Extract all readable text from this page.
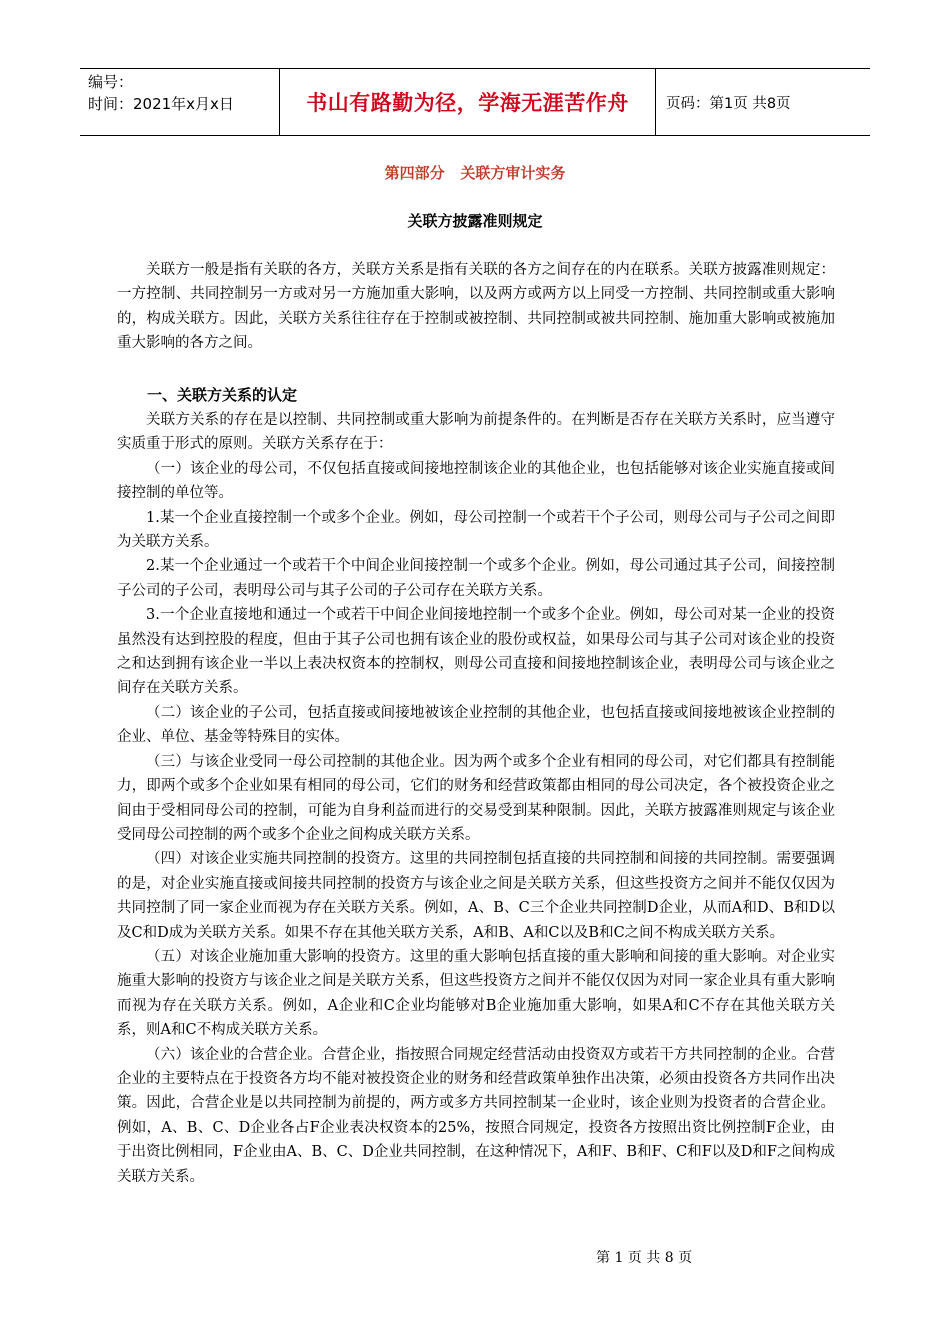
编号：
时间：2021年x月x日	书山有路勤为径，学海无涯苦作舟	页码：第1页 共8页
第四部分   关联方审计实务
关联方披露准则规定

关联方一般是指有关联的各方，关联方关系是指有关联的各方之间存在的内在联系。关联方披露准则规定：一方控制、共同控制另一方或对另一方施加重大影响，以及两方或两方以上同受一方控制、共同控制或重大影响的，构成关联方。因此，关联方关系往往存在于控制或被控制、共同控制或被共同控制、施加重大影响或被施加重大影响的各方之间。

一、关联方关系的认定

关联方关系的存在是以控制、共同控制或重大影响为前提条件的。在判断是否存在关联方关系时，应当遵守实质重于形式的原则。关联方关系存在于：

（一）该企业的母公司，不仅包括直接或间接地控制该企业的其他企业，也包括能够对该企业实施直接或间接控制的单位等。

1.某一个企业直接控制一个或多个企业。例如，母公司控制一个或若干个子公司，则母公司与子公司之间即为关联方关系。

2.某一个企业通过一个或若干个中间企业间接控制一个或多个企业。例如，母公司通过其子公司，间接控制子公司的子公司，表明母公司与其子公司的子公司存在关联方关系。

3.一个企业直接地和通过一个或若干中间企业间接地控制一个或多个企业。例如，母公司对某一企业的投资虽然没有达到控股的程度，但由于其子公司也拥有该企业的股份或权益，如果母公司与其子公司对该企业的投资之和达到拥有该企业一半以上表决权资本的控制权，则母公司直接和间接地控制该企业，表明母公司与该企业之间存在关联方关系。

（二）该企业的子公司，包括直接或间接地被该企业控制的其他企业，也包括直接或间接地被该企业控制的企业、单位、基金等特殊目的实体。

（三）与该企业受同一母公司控制的其他企业。因为两个或多个企业有相同的母公司，对它们都具有控制能力，即两个或多个企业如果有相同的母公司，它们的财务和经营政策都由相同的母公司决定，各个被投资企业之间由于受相同母公司的控制，可能为自身利益而进行的交易受到某种限制。因此，关联方披露准则规定与该企业受同母公司控制的两个或多个企业之间构成关联方关系。

（四）对该企业实施共同控制的投资方。这里的共同控制包括直接的共同控制和间接的共同控制。需要强调的是，对企业实施直接或间接共同控制的投资方与该企业之间是关联方关系，但这些投资方之间并不能仅仅因为共同控制了同一家企业而视为存在关联方关系。例如，A、B、C三个企业共同控制D企业，从而A和D、B和D以及C和D成为关联方关系。如果不存在其他关联方关系，A和B、A和C以及B和C之间不构成关联方关系。

（五）对该企业施加重大影响的投资方。这里的重大影响包括直接的重大影响和间接的重大影响。对企业实施重大影响的投资方与该企业之间是关联方关系，但这些投资方之间并不能仅仅因为对同一家企业具有重大影响而视为存在关联方关系。例如，A企业和C企业均能够对B企业施加重大影响，如果A和C不存在其他关联方关系，则A和C不构成关联方关系。

（六）该企业的合营企业。合营企业，指按照合同规定经营活动由投资双方或若干方共同控制的企业。合营企业的主要特点在于投资各方均不能对被投资企业的财务和经营政策单独作出决策，必须由投资各方共同作出决策。因此，合营企业是以共同控制为前提的，两方或多方共同控制某一企业时，该企业则为投资者的合营企业。例如，A、B、C、D企业各占F企业表决权资本的25%，按照合同规定，投资各方按照出资比例控制F企业，由于出资比例相同，F企业由A、B、C、D企业共同控制，在这种情况下，A和F、B和F、C和F以及D和F之间构成关联方关系。

第 1 页 共 8 页
